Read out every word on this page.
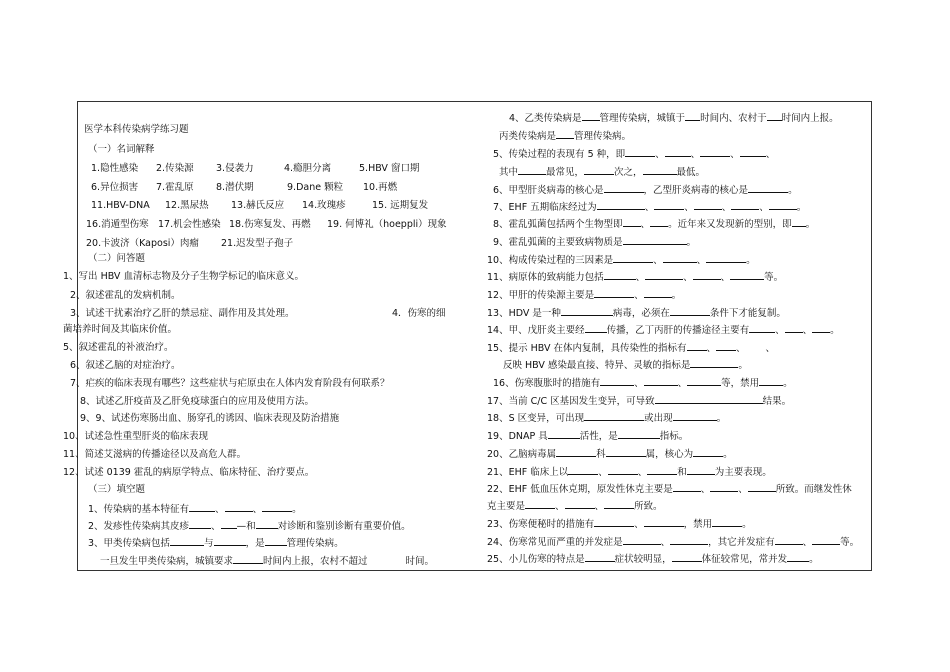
医学本科传染病学练习题
（一）名词解释
1.隐性感染 2.传染源 3.侵袭力	4.瘾胆分离	5.HBV 窗口期
6.异位损害 7.霍乱原 8.潜伏期	9.Dane 颗粒 10.再燃
11.HBV-DNA 12.黑尿热 13.赫氏反应 14.玫瑰疹	15. 远期复发
16.消遁型伤寒 17.机会性感染 18.伤寒复发、再燃 19. 何博礼（hoeppli）现象
20.卡波济（Kaposi）肉瘤 21.迟发型子孢子
（二）问答题
1、写出 HBV 血清标志物及分子生物学标记的临床意义。
2、叙述霍乱的发病机制。
3、试述干扰素治疗乙肝的禁忌症、副作用及其处理。	4．伤寒的细
菌培养时间及其临床价值。
5、叙述霍乱的补液治疗。
6、叙述乙脑的对症治疗。
7、疟疾的临床表现有哪些？这些症状与疟原虫在人体内发育阶段有何联系？
8、试述乙肝疫苗及乙肝免疫球蛋白的应用及使用方法。
9、9、试述伤寒肠出血、肠穿孔的诱因、临床表现及防治措施
10、试述急性重型肝炎的临床表现
11、简述艾滋病的传播途径以及高危人群。
12、试述 0139 霍乱的病原学特点、临床特征、治疗要点。
（三）填空题
1、传染病的基本特征有	、	、	。
2、发疹性传染病其皮疹 、 —和 对诊断和鉴别诊断有重要价值。
3、甲类传染病包括	与	，是 管理传染病。
一旦发生甲类传染病，城镇要求	时间内上报，农村不超过	时间。
4、乙类传染病是 管理传染病，城镇于 时间内、农村于 时间内上报。
丙类传染病是 管理传染病。
5、传染过程的表现有 5 种，即	、	、	、	、
其中	最常见，	次之，	最低。
6、甲型肝炎病毒的核心是	，乙型肝炎病毒的核心是	。
7、EHF 五期临床经过为	、	、	、	、	。
8、霍乱弧菌包括两个生物型即 、 。近年来又发现新的型别，即 。
9、霍乱弧菌的主要致病物质是	。
10、构成传染过程的三因素是	、	、	。
11、病原体的致病能力包括	、	、	、	等。
12、甲肝的传染源主要是	、	。
13、HDV 是一种	病毒，必须在	条件下才能复制。
14、甲、戊肝炎主要经 传播，乙丁丙肝的传播途径主要有	、 、 。
15、提示 HBV 在体内复制，具传染性的指标有 、 、 、
反映 HBV 感染最直接、特异、灵敏的指标是	。
16、伤寒腹胀时的措施有	、	、	等，禁用	。
17、当前 C/C 区基因发生变异，可导致	结果。
18、S 区变异，可出现	或出现	。
19、DNAP 具	活性，是	指标。
20、乙脑病毒属	科	属，核心为	。
21、EHF 临床上以	、	、	和	为主要表现。
22、EHF 低血压休克期，原发性休克主要是	、	、	所致。而继发性休
克主要是	、	、	所致。
23、伤寒便秘时的措施有	、	，禁用	。
24、伤寒常见而严重的并发症是	、	，其它并发症有	、	等。
25、小儿伤寒的特点是	症状较明显，	体征较常见，常并发 。
